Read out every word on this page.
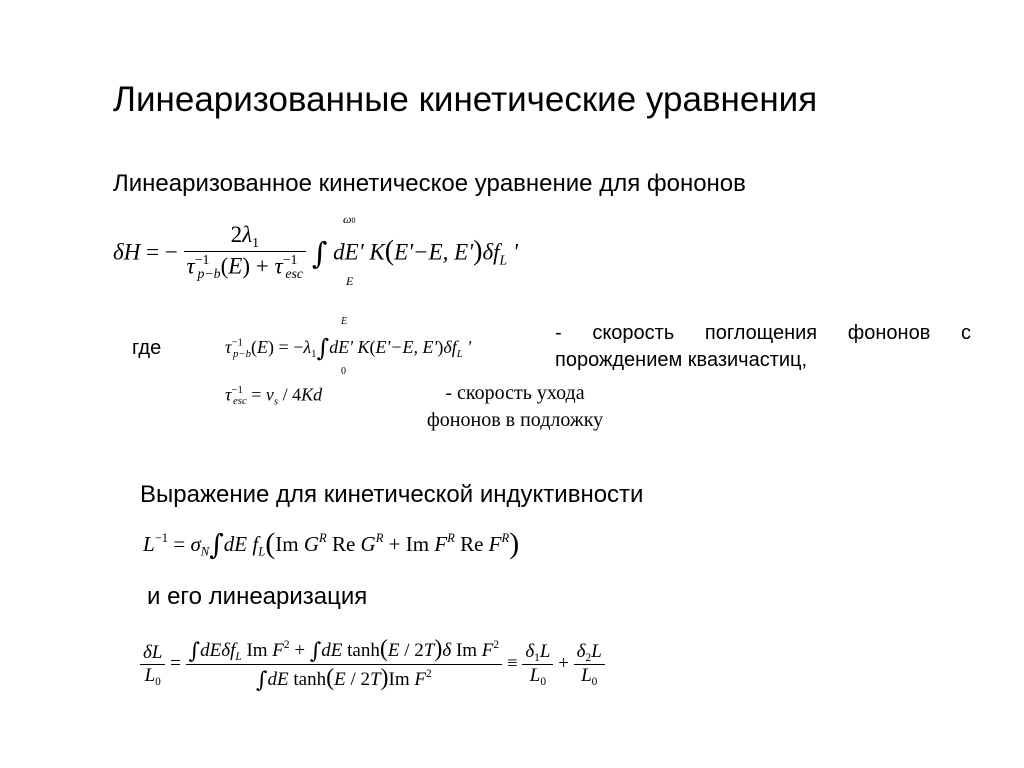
Линеаризованные кинетические уравнения
Линеаризованное кинетическое уравнение для фононов
δH = − $\frac{2\lambda_1}{\tau^{-1}_{p-b}(E) + \tau^{-1}_{esc}}$ ∫ dE' K(E'−E, $E')\delta f_L$ '
ω0
E
где	$\tau^{-1}_{p-b}(E) = -\lambda_1\int dE'$ K(E'−E, $E')\delta f_L$ '
E
0
$\tau^{-1}_{esc} = v_s / 4Kd$
- скорость поглощения фононов с порождением квазичастиц,
- скорость ухода
фононов в подложку
Выражение для кинетической индуктивности
$L^{-1} = \sigma_N\int dE$ $f_L(Im$ $G^R$ Re $G^R + Im$ $F^R$ Re $F^R$)
и его линеаризация
$\frac{\delta L}{L_0} = \frac{\int dE\delta f_L Im F^2 + \int dE \tanh(E / 2T)\delta Im F^2}{\int dE \tanh(E / 2T)Im F^2} \equiv \frac{\delta_1L}{L_0} + \frac{\delta_2L}{L_0}$
